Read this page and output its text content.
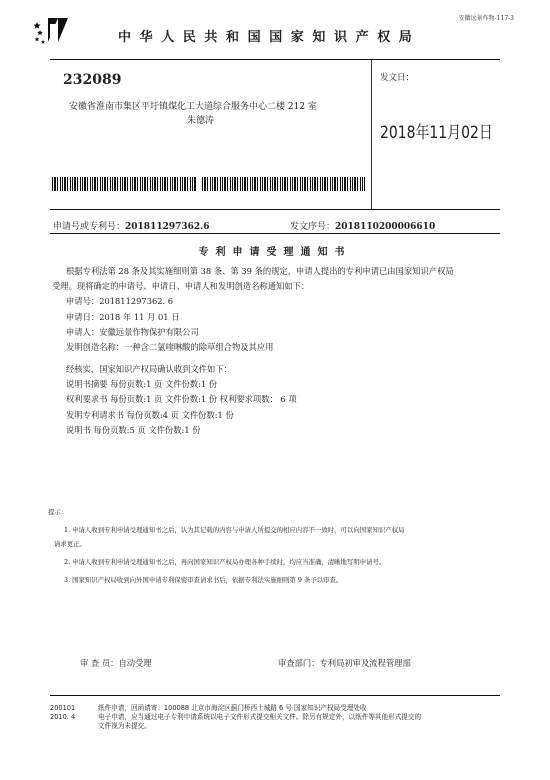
安徽远景作物-117-3
中华人民共和国国家知识产权局
232089
安徽省淮南市集区平圩镇煤化工大道综合服务中心二楼 212 室
朱德涛
发文日：
2018年11月02日
申请号或专利号：201811297362.6	发文序号：2018110200006610
专利申请受理通知书
根据专利法第 28 条及其实施细则第 38 条、第 39 条的规定，申请人提出的专利申请已由国家知识产权局
受理。现将确定的申请号、申请日、申请人和发明创造名称通知如下：
申请号：201811297362. 6
申请日：2018 年 11 月 01 日
申请人：安徽远景作物保护有限公司
发明创造名称：一种含二氯喹啉酸的除草组合物及其应用
经核实，国家知识产权局确认收到文件如下：
说明书摘要 每份页数:1 页 文件份数:1 份
权利要求书 每份页数:1 页 文件份数:1 份 权利要求项数： 6 项
发明专利请求书 每份页数:4 页 文件份数:1 份
说明书 每份页数:5 页 文件份数:1 份
提示：
1. 申请人收到专利申请受理通知书之后，认为其记载的内容与申请人所提交的相应内容不一致时，可以向国家知识产权局
请求更正。
2. 申请人收到专利申请受理通知书之后，再向国家知识产权局办理各种手续时，均应当准确、清晰地写明申请号。
3. 国家知识产权局收到向外国申请专利保密审查请求书后，依据专利法实施细则第 9 条予以审查。
审 查 员：自动受理	审查部门：专利局初审及流程管理部
200101
2010. 4
纸件申请，回函请寄：100088 北京市海淀区蓟门桥西土城路 6 号 国家知识产权局受理处收
电子申请，应当通过电子专利申请系统以电子文件形式提交相关文件。除另有规定外，以纸件等其他形式提交的
文件视为未提交。
